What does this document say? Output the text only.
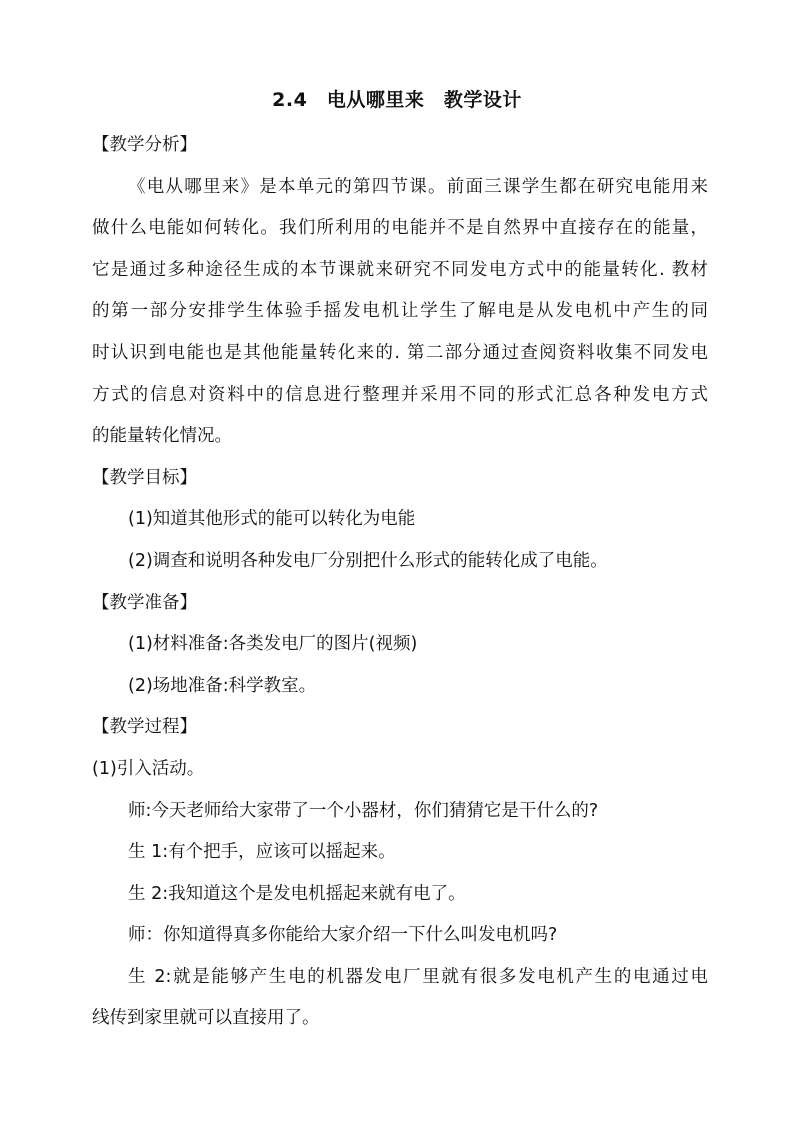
2.4　电从哪里来　教学设计
【教学分析】
《电从哪里来》是本单元的第四节课。前面三课学生都在研究电能用来
做什么电能如何转化。我们所利用的电能并不是自然界中直接存在的能量，
它是通过多种途径生成的本节课就来研究不同发电方式中的能量转化. 教材
的第一部分安排学生体验手摇发电机让学生了解电是从发电机中产生的同
时认识到电能也是其他能量转化来的. 第二部分通过查阅资料收集不同发电
方式的信息对资料中的信息进行整理并采用不同的形式汇总各种发电方式
的能量转化情况。
【教学目标】
(1)知道其他形式的能可以转化为电能
(2)调查和说明各种发电厂分别把什么形式的能转化成了电能。
【教学准备】
(1)材料准备:各类发电厂的图片(视频)
(2)场地准备:科学教室。
【教学过程】
(1)引入活动。
师:今天老师给大家带了一个小器材，你们猜猜它是干什么的?
生 1:有个把手，应该可以摇起来。
生 2:我知道这个是发电机摇起来就有电了。
师：你知道得真多你能给大家介绍一下什么叫发电机吗?
生 2:就是能够产生电的机器发电厂里就有很多发电机产生的电通过电
线传到家里就可以直接用了。
